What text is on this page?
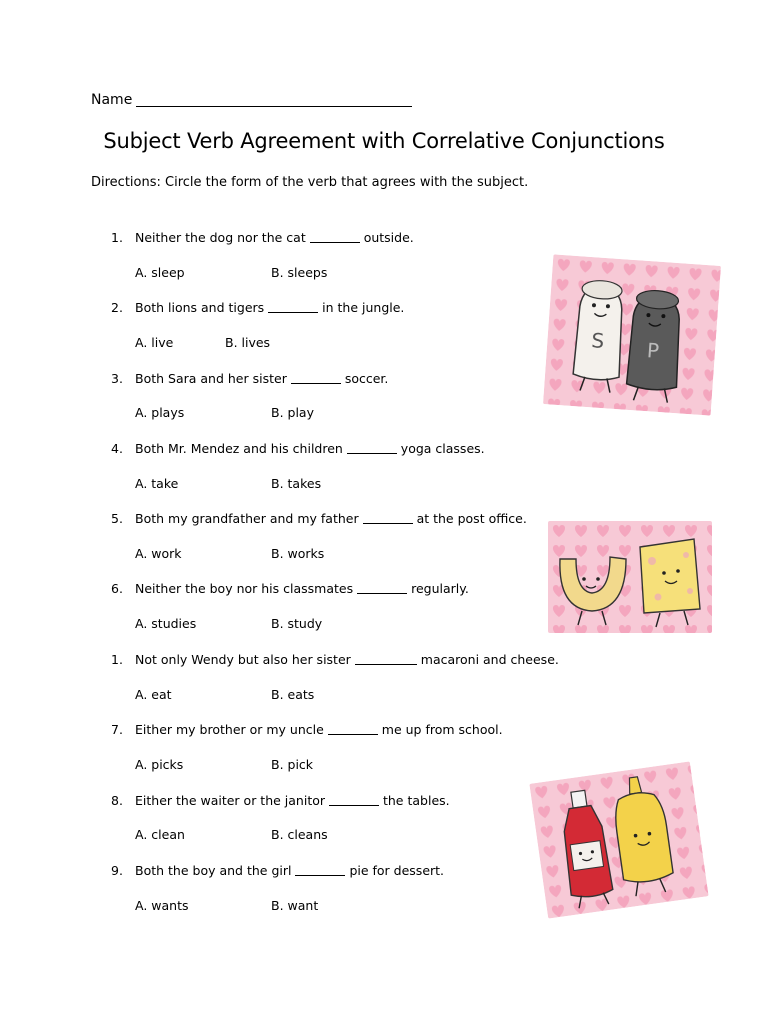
Name
Subject Verb Agreement with Correlative Conjunctions
Directions: Circle the form of the verb that agrees with the subject.
1. Neither the dog nor the cat	outside.
A. sleep	B. sleeps
2. Both lions and tigers	in the jungle.
A. live	B. lives
3. Both Sara and her sister	soccer.
A. plays	B. play
4. Both Mr. Mendez and his children	yoga classes.
A. take	B. takes
5. Both my grandfather and my father	at the post office.
A. work	B. works
6. Neither the boy nor his classmates	regularly.
A. studies	B. study
1. Not only Wendy but also her sister	macaroni and cheese.
A. eat	B. eats
7. Either my brother or my uncle	me up from school.
A. picks	B. pick
8. Either the waiter or the janitor	the tables.
A. clean	B. cleans
9. Both the boy and the girl	pie for dessert.
A. wants	B. want
S P
